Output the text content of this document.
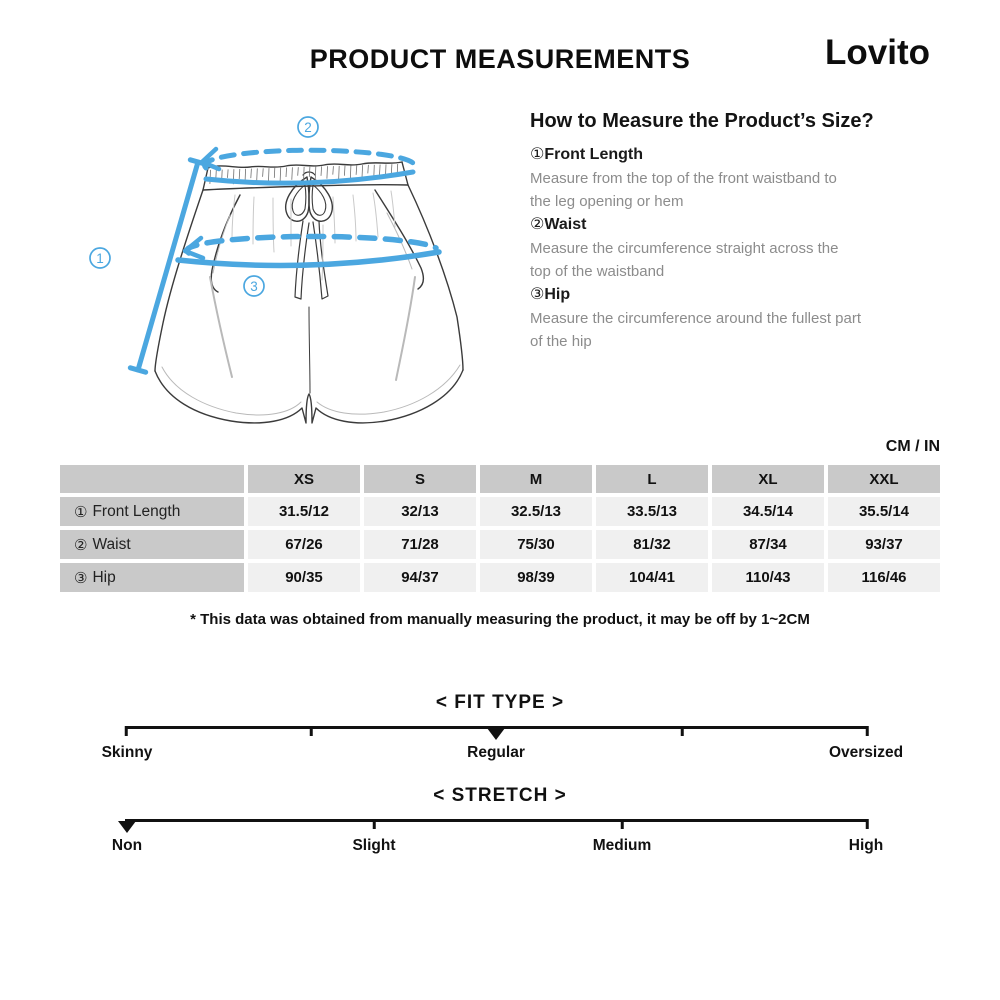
PRODUCT MEASUREMENTS	Lovito
1
2
3
How to Measure the Product’s Size?
①Front Length
Measure from the top of the front waistband to
the leg opening or hem
②Waist
Measure the circumference straight across the
top of the waistband
③Hip
Measure the circumference around the fullest part
of the hip
CM / IN
XS	S	M	L	XL	XXL
① Front Length	31.5/12	32/13	32.5/13	33.5/13	34.5/14	35.5/14
② Waist	67/26	71/28	75/30	81/32	87/34	93/37
③ Hip	90/35	94/37	98/39	104/41	110/43	116/46
* This data was obtained from manually measuring the product, it may be off by 1~2CM
< FIT TYPE >
Skinny	Regular	Oversized
< STRETCH >
Non	Slight	Medium	High
